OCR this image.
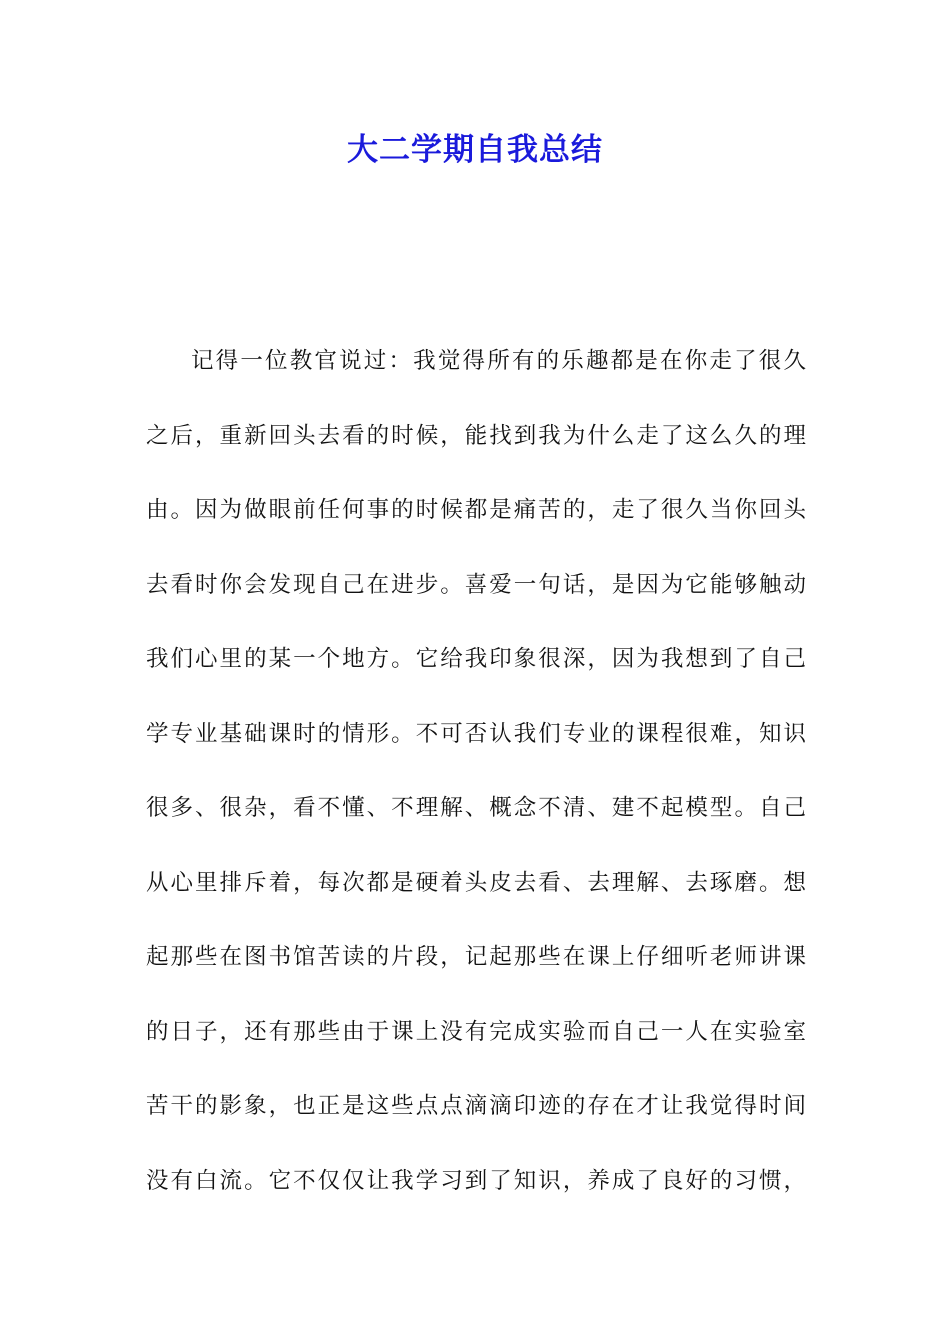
大二学期自我总结
记得一位教官说过：我觉得所有的乐趣都是在你走了很久
之后，重新回头去看的时候，能找到我为什么走了这么久的理
由。因为做眼前任何事的时候都是痛苦的，走了很久当你回头
去看时你会发现自己在进步。喜爱一句话，是因为它能够触动
我们心里的某一个地方。它给我印象很深，因为我想到了自己
学专业基础课时的情形。不可否认我们专业的课程很难，知识
很多、很杂，看不懂、不理解、概念不清、建不起模型。自己
从心里排斥着，每次都是硬着头皮去看、去理解、去琢磨。想
起那些在图书馆苦读的片段，记起那些在课上仔细听老师讲课
的日子，还有那些由于课上没有完成实验而自己一人在实验室
苦干的影象，也正是这些点点滴滴印迹的存在才让我觉得时间
没有白流。它不仅仅让我学习到了知识，养成了良好的习惯，
